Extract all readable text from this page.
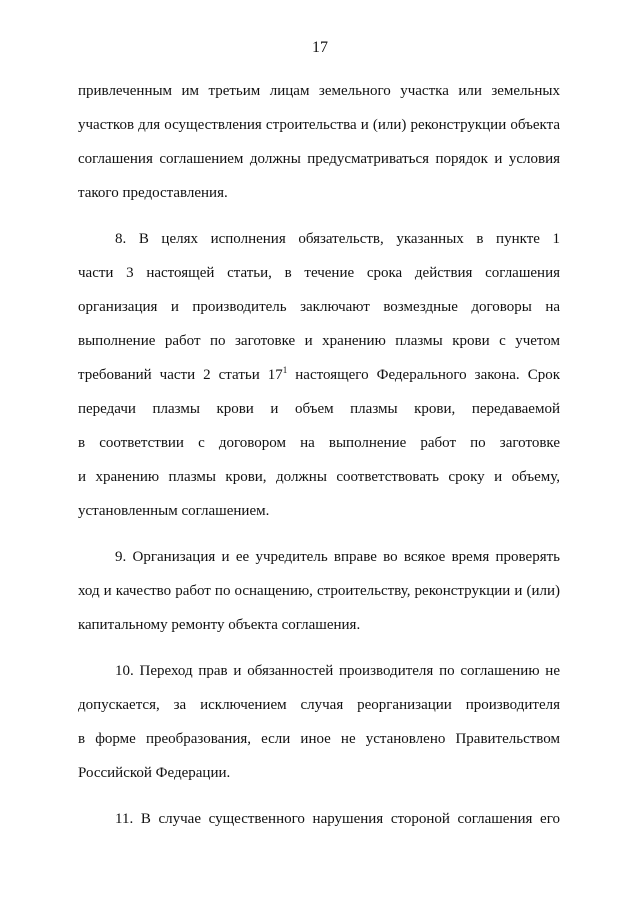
17
привлеченным им третьим лицам земельного участка или земельных
участков для осуществления строительства и (или) реконструкции объекта
соглашения соглашением должны предусматриваться порядок и условия
такого предоставления.
8. В целях исполнения обязательств, указанных в пункте 1
части 3 настоящей статьи, в течение срока действия соглашения
организация и производитель заключают возмездные договоры на
выполнение работ по заготовке и хранению плазмы крови с учетом
требований части 2 статьи $17^1$ настоящего Федерального закона. Срок
передачи плазмы крови и объем плазмы крови, передаваемой
в соответствии с договором на выполнение работ по заготовке
и хранению плазмы крови, должны соответствовать сроку и объему,
установленным соглашением.
9. Организация и ее учредитель вправе во всякое время проверять
ход и качество работ по оснащению, строительству, реконструкции и (или)
капитальному ремонту объекта соглашения.
10. Переход прав и обязанностей производителя по соглашению не
допускается, за исключением случая реорганизации производителя
в форме преобразования, если иное не установлено Правительством
Российской Федерации.
11. В случае существенного нарушения стороной соглашения его
